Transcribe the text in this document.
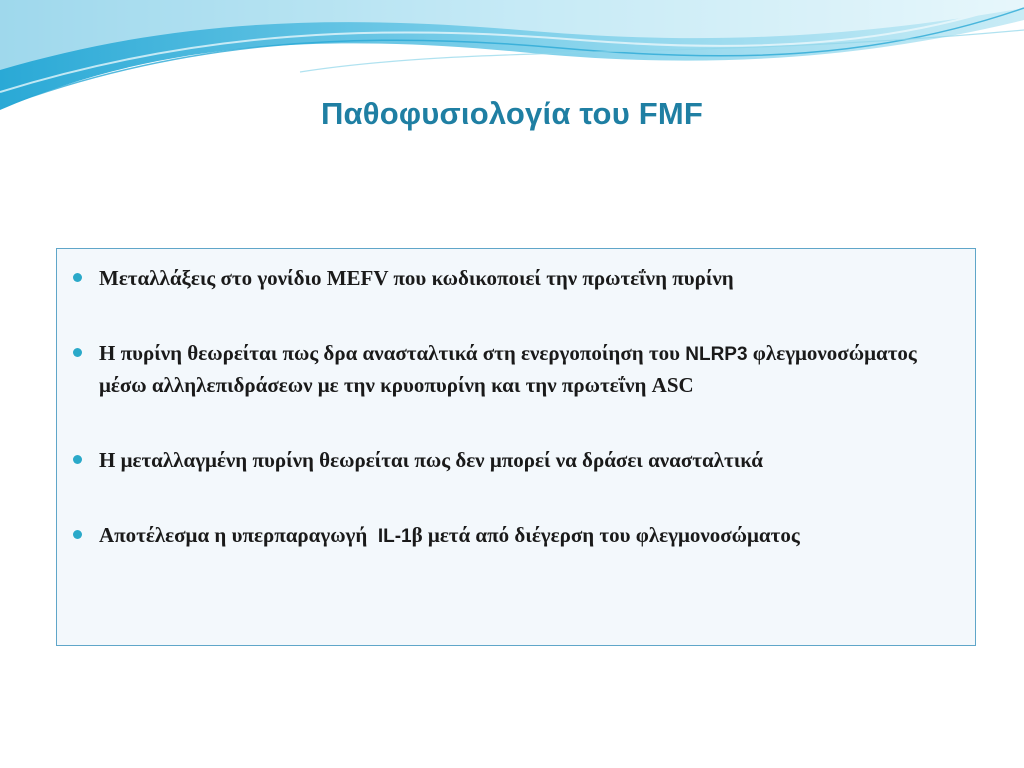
Παθοφυσιολογία του FMF
Μεταλλάξεις στο γονίδιο MEFV που κωδικοποιεί την πρωτεΐνη πυρίνη
Η πυρίνη θεωρείται πως δρα ανασταλτικά στη ενεργοποίηση του NLRP3 φλεγμονοσώματος μέσω αλληλεπιδράσεων με την κρυοπυρίνη και την πρωτεΐνη ASC
Η μεταλλαγμένη πυρίνη θεωρείται πως δεν μπορεί να δράσει ανασταλτικά
Αποτέλεσμα η υπερπαραγωγή  IL-1β μετά από διέγερση του φλεγμονοσώματος
